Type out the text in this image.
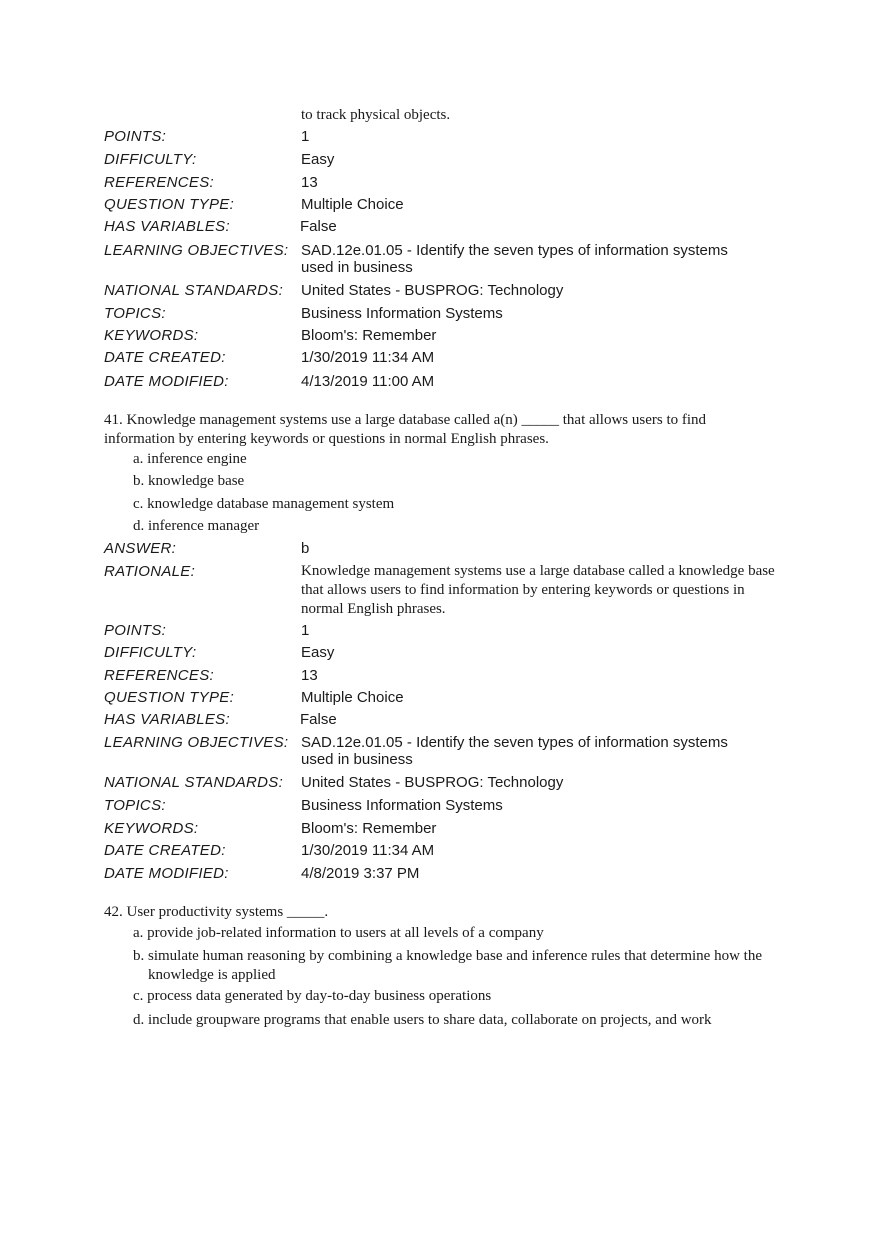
to track physical objects.
POINTS:	1
DIFFICULTY:	Easy
REFERENCES:	13
QUESTION TYPE:	Multiple Choice
HAS VARIABLES:	False
LEARNING OBJECTIVES: SAD.12e.01.05 - Identify the seven types of information systems used in business
NATIONAL STANDARDS: United States - BUSPROG: Technology
TOPICS:	Business Information Systems
KEYWORDS:	Bloom's: Remember
DATE CREATED:	1/30/2019 11:34 AM
DATE MODIFIED:	4/13/2019 11:00 AM
41. Knowledge management systems use a large database called a(n) _____ that allows users to find information by entering keywords or questions in normal English phrases.
a. inference engine
b. knowledge base
c. knowledge database management system
d. inference manager
ANSWER:	b
RATIONALE:	Knowledge management systems use a large database called a knowledge base that allows users to find information by entering keywords or questions in normal English phrases.
POINTS:	1
DIFFICULTY:	Easy
REFERENCES:	13
QUESTION TYPE:	Multiple Choice
HAS VARIABLES:	False
LEARNING OBJECTIVES: SAD.12e.01.05 - Identify the seven types of information systems used in business
NATIONAL STANDARDS: United States - BUSPROG: Technology
TOPICS:	Business Information Systems
KEYWORDS:	Bloom's: Remember
DATE CREATED:	1/30/2019 11:34 AM
DATE MODIFIED:	4/8/2019 3:37 PM
42. User productivity systems _____.
a. provide job-related information to users at all levels of a company
b. simulate human reasoning by combining a knowledge base and inference rules that determine how the knowledge is applied
c. process data generated by day-to-day business operations
d. include groupware programs that enable users to share data, collaborate on projects, and work
